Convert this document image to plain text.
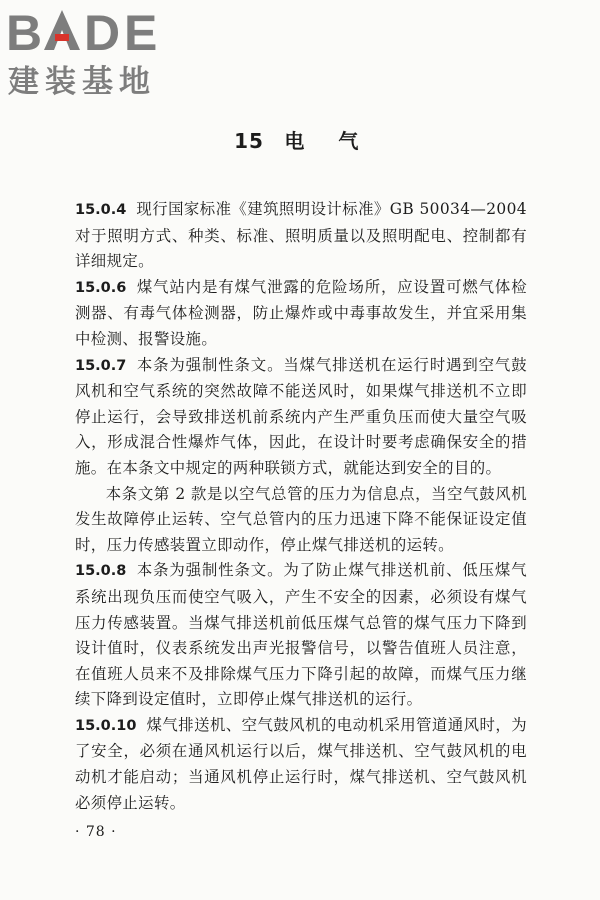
B D E
建装基地
15 电 气

15.0.4 现行国家标准《建筑照明设计标准》GB 50034—2004 对于照明方式、种类、标准、照明质量以及照明配电、控制都有详细规定。

15.0.6 煤气站内是有煤气泄露的危险场所，应设置可燃气体检测器、有毒气体检测器，防止爆炸或中毒事故发生，并宜采用集中检测、报警设施。

15.0.7 本条为强制性条文。当煤气排送机在运行时遇到空气鼓风机和空气系统的突然故障不能送风时，如果煤气排送机不立即停止运行，会导致排送机前系统内产生严重负压而使大量空气吸入，形成混合性爆炸气体，因此，在设计时要考虑确保安全的措施。在本条文中规定的两种联锁方式，就能达到安全的目的。

本条文第 2 款是以空气总管的压力为信息点，当空气鼓风机发生故障停止运转、空气总管内的压力迅速下降不能保证设定值时，压力传感装置立即动作，停止煤气排送机的运转。

15.0.8 本条为强制性条文。为了防止煤气排送机前、低压煤气系统出现负压而使空气吸入，产生不安全的因素，必须设有煤气压力传感装置。当煤气排送机前低压煤气总管的煤气压力下降到设计值时，仪表系统发出声光报警信号，以警告值班人员注意，在值班人员来不及排除煤气压力下降引起的故障，而煤气压力继续下降到设定值时，立即停止煤气排送机的运行。

15.0.10 煤气排送机、空气鼓风机的电动机采用管道通风时，为了安全，必须在通风机运行以后，煤气排送机、空气鼓风机的电动机才能启动；当通风机停止运行时，煤气排送机、空气鼓风机必须停止运转。

· 78 ·
